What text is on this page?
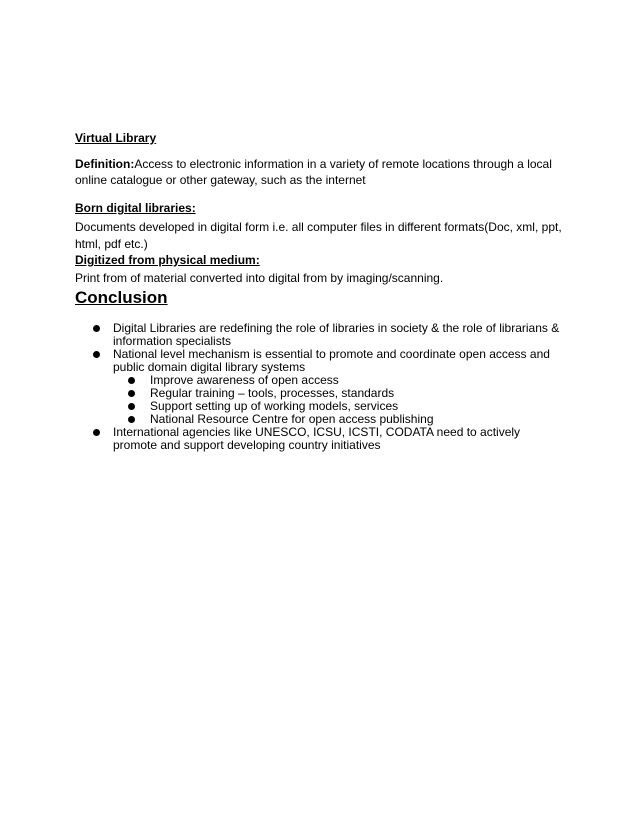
Virtual Library
Definition:Access to electronic information in a variety of remote locations through a local online catalogue or other gateway, such as the internet
Born digital libraries:
Documents developed in digital form i.e. all computer files in different formats(Doc, xml, ppt, html, pdf etc.)
Digitized from physical medium:
Print from of material converted into digital from by imaging/scanning.
Conclusion
Digital Libraries are redefining the role of libraries in society & the role of librarians & information specialists
National level mechanism is essential to promote and coordinate open access and public domain digital library systems
Improve awareness of open access
Regular training – tools, processes, standards
Support setting up of working models, services
National Resource Centre for open access publishing
International agencies like UNESCO, ICSU, ICSTI, CODATA need to actively promote and support developing country initiatives
